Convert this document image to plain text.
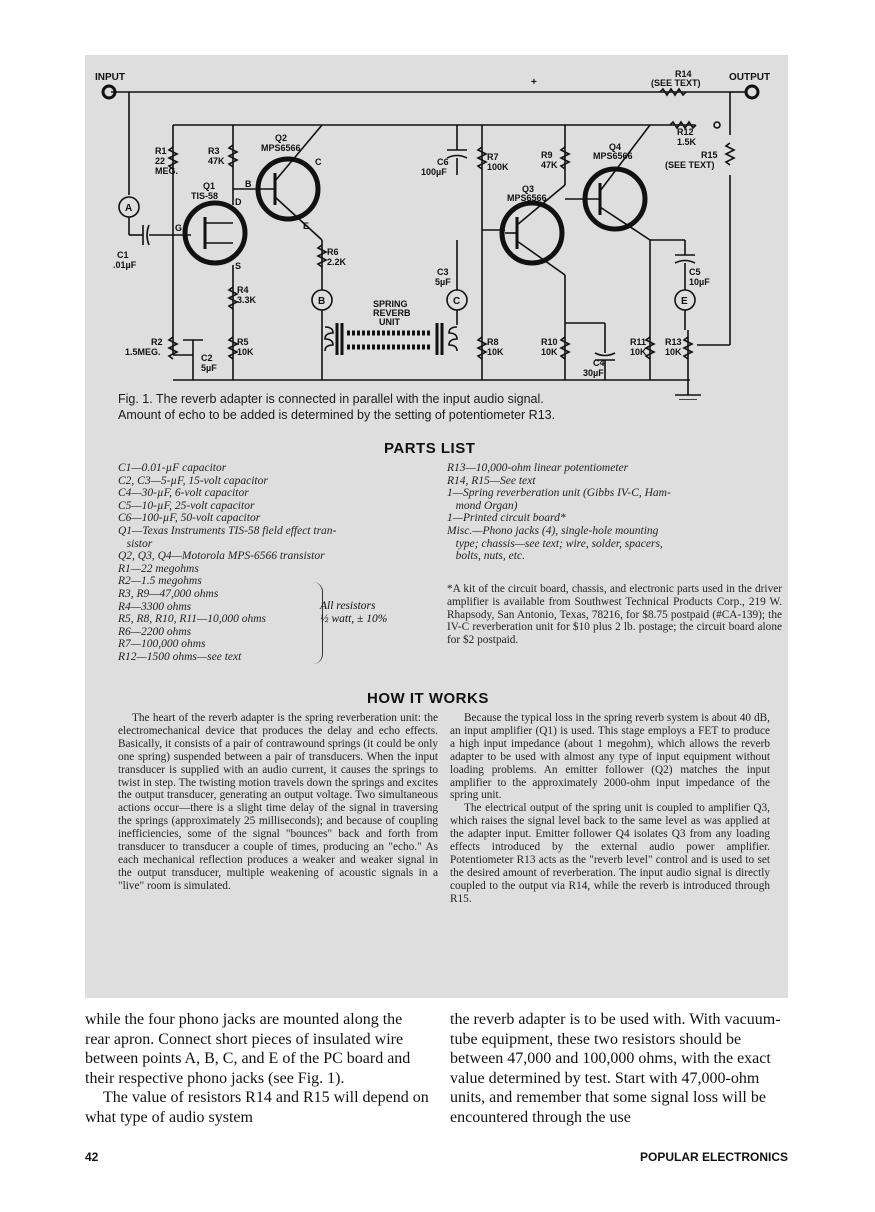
INPUT	OUTPUT
R14
(SEE TEXT)
R12
1.5K
R15
(SEE TEXT)
R1
22
MEG.
R3
47K
Q2
MPS6566
Q1
TIS-58
C6
100µF
R7
100K
R9
47K
Q3
MPS6566
Q4
MPS6566
C1
.01µF
R6
2.2K
C3
5µF
C5
10µF
R4
3.3K	SPRING
REVERB
UNIT
R2
1.5MEG.
R5
10K
C2
5µF
R8
10K
R10
10K
C4
30µF
R11
10K
R13
10K
A
B	C	E
B
C
E
G
D
S
+
Fig. 1. The reverb adapter is connected in parallel with the input audio signal.
Amount of echo to be added is determined by the setting of potentiometer R13.
PARTS LIST
C1—0.01-µF capacitor
C2, C3—5-µF, 15-volt capacitor
C4—30-µF, 6-volt capacitor
C5—10-µF, 25-volt capacitor
C6—100-µF, 50-volt capacitor
Q1—Texas Instruments TIS-58 field effect tran-
sistor
Q2, Q3, Q4—Motorola MPS-6566 transistor
R1—22 megohms
R2—1.5 megohms
R3, R9—47,000 ohms
R4—3300 ohms
R5, R8, R10, R11—10,000 ohms
R6—2200 ohms
R7—100,000 ohms
R12—1500 ohms—see text
All resistors
½ watt, ± 10%
R13—10,000-ohm linear potentiometer
R14, R15—See text
1—Spring reverberation unit (Gibbs IV-C, Ham-
mond Organ)
1—Printed circuit board*
Misc.—Phono jacks (4), single-hole mounting
type; chassis—see text; wire, solder, spacers,
bolts, nuts, etc.
*A kit of the circuit board, chassis, and electronic parts used in the driver amplifier is available from Southwest Technical Products Corp., 219 W. Rhapsody, San Antonio, Texas, 78216, for $8.75 postpaid (#CA-139); the IV-C reverberation unit for $10 plus 2 lb. postage; the circuit board alone for $2 postpaid.
HOW IT WORKS

The heart of the reverb adapter is the spring reverberation unit: the electromechanical device that produces the delay and echo effects. Basically, it consists of a pair of contrawound springs (it could be only one spring) suspended between a pair of transducers. When the input transducer is supplied with an audio current, it causes the springs to twist in step. The twisting motion travels down the springs and excites the output transducer, generating an output voltage. Two simultaneous actions occur—there is a slight time delay of the signal in traversing the springs (approximately 25 milliseconds); and because of coupling inefficiencies, some of the signal "bounces" back and forth from transducer to transducer a couple of times, producing an "echo." As each mechanical reflection produces a weaker and weaker signal in the output transducer, multiple weakening of acoustic signals in a "live" room is simulated.

Because the typical loss in the spring reverb system is about 40 dB, an input amplifier (Q1) is used. This stage employs a FET to produce a high input impedance (about 1 megohm), which allows the reverb adapter to be used with almost any type of input equipment without loading problems. An emitter follower (Q2) matches the input amplifier to the approximately 2000-ohm input impedance of the spring unit.

The electrical output of the spring unit is coupled to amplifier Q3, which raises the signal level back to the same level as was applied at the adapter input. Emitter follower Q4 isolates Q3 from any loading effects introduced by the external audio power amplifier. Potentiometer R13 acts as the "reverb level" control and is used to set the desired amount of reverberation. The input audio signal is directly coupled to the output via R14, while the reverb is introduced through R15.

while the four phono jacks are mounted along the rear apron. Connect short pieces of insulated wire between points A, B, C, and E of the PC board and their respective phono jacks (see Fig. 1).

The value of resistors R14 and R15 will depend on what type of audio system

the reverb adapter is to be used with. With vacuum-tube equipment, these two resistors should be between 47,000 and 100,000 ohms, with the exact value determined by test. Start with 47,000-ohm units, and remember that some signal loss will be encountered through the use

42	POPULAR ELECTRONICS
